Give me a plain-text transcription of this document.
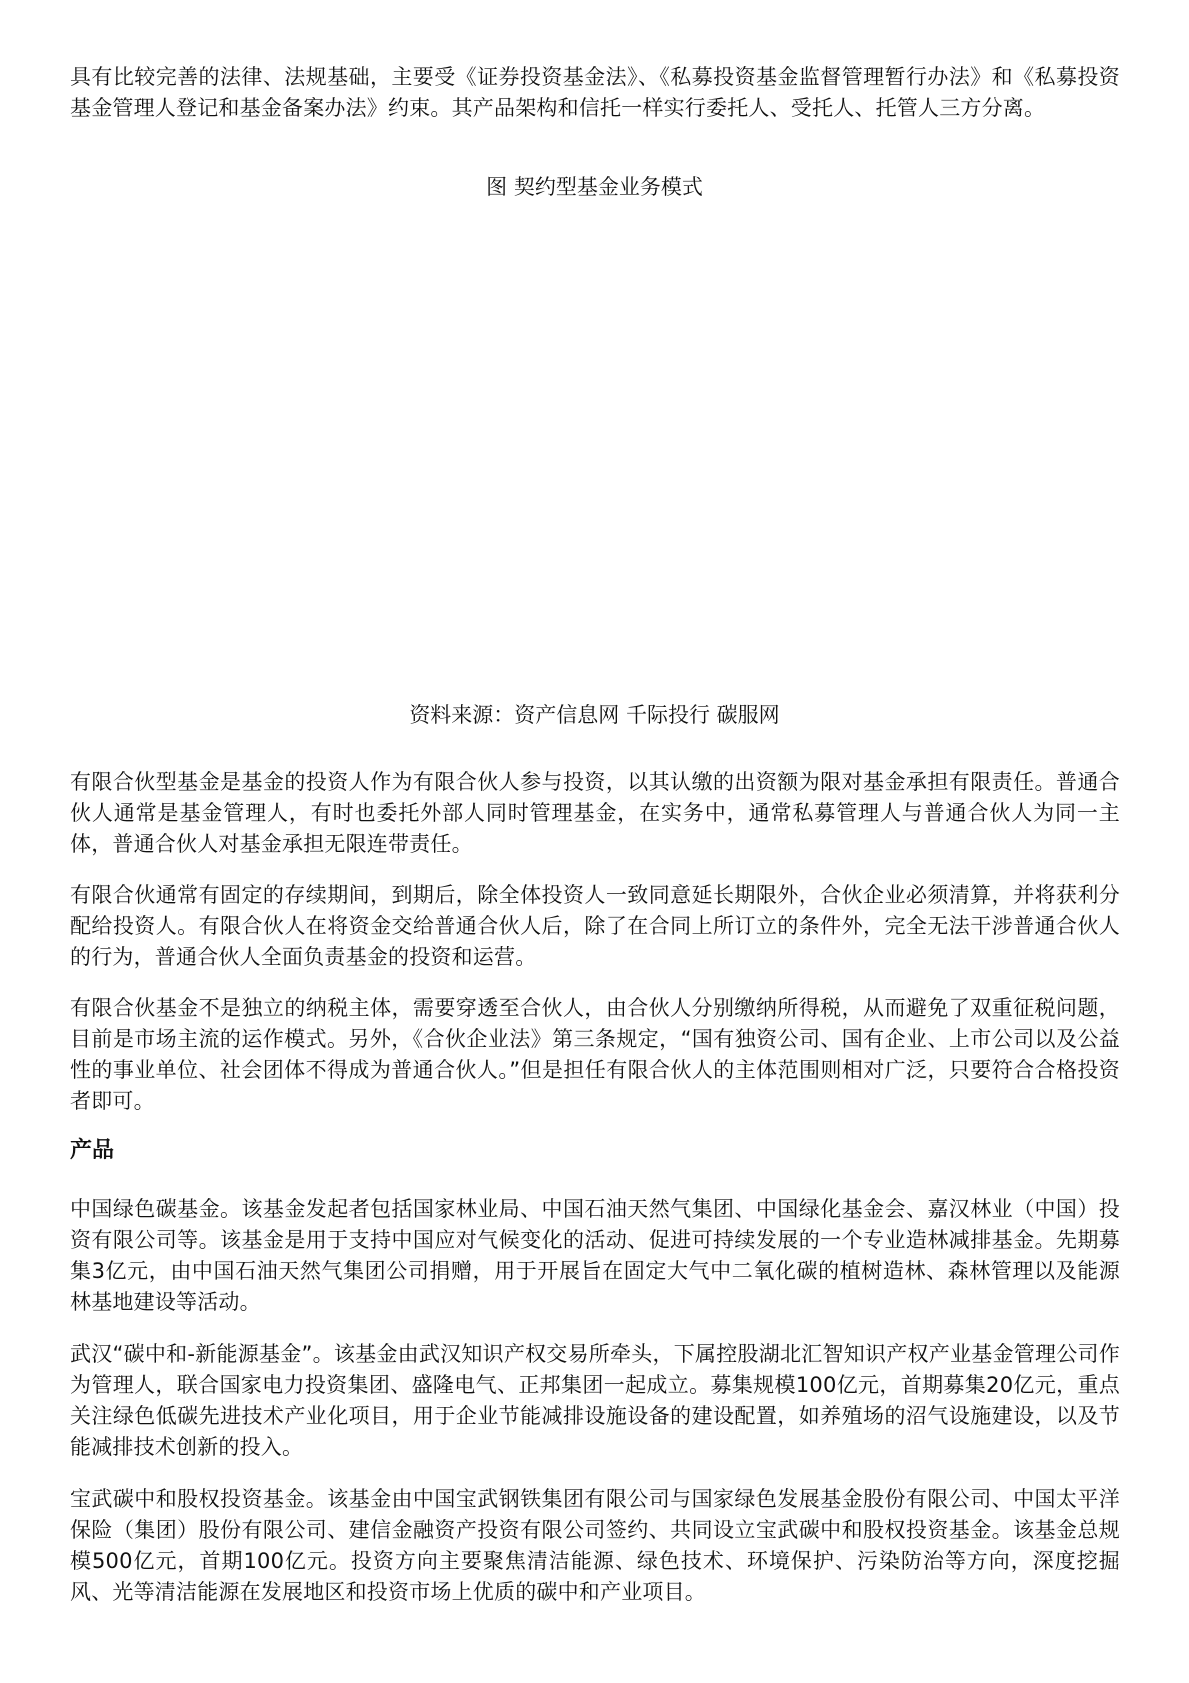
具有比较完善的法律、法规基础，主要受《证券投资基金法》、《私募投资基金监督管理暂行办法》和《私募投资基金管理人登记和基金备案办法》约束。其产品架构和信托一样实行委托人、受托人、托管人三方分离。

图 契约型基金业务模式

资料来源：资产信息网 千际投行 碳服网

有限合伙型基金是基金的投资人作为有限合伙人参与投资，以其认缴的出资额为限对基金承担有限责任。普通合伙人通常是基金管理人，有时也委托外部人同时管理基金，在实务中，通常私募管理人与普通合伙人为同一主体，普通合伙人对基金承担无限连带责任。

有限合伙通常有固定的存续期间，到期后，除全体投资人一致同意延长期限外，合伙企业必须清算，并将获利分配给投资人。有限合伙人在将资金交给普通合伙人后，除了在合同上所订立的条件外，完全无法干涉普通合伙人的行为，普通合伙人全面负责基金的投资和运营。

有限合伙基金不是独立的纳税主体，需要穿透至合伙人，由合伙人分别缴纳所得税，从而避免了双重征税问题，目前是市场主流的运作模式。另外，《合伙企业法》第三条规定，“国有独资公司、国有企业、上市公司以及公益性的事业单位、社会团体不得成为普通合伙人。”但是担任有限合伙人的主体范围则相对广泛，只要符合合格投资者即可。

产品

中国绿色碳基金。该基金发起者包括国家林业局、中国石油天然气集团、中国绿化基金会、嘉汉林业（中国）投资有限公司等。该基金是用于支持中国应对气候变化的活动、促进可持续发展的一个专业造林减排基金。先期募集3亿元，由中国石油天然气集团公司捐赠，用于开展旨在固定大气中二氧化碳的植树造林、森林管理以及能源林基地建设等活动。

武汉“碳中和-新能源基金”。该基金由武汉知识产权交易所牵头，下属控股湖北汇智知识产权产业基金管理公司作为管理人，联合国家电力投资集团、盛隆电气、正邦集团一起成立。募集规模100亿元，首期募集20亿元，重点关注绿色低碳先进技术产业化项目，用于企业节能减排设施设备的建设配置，如养殖场的沼气设施建设，以及节能减排技术创新的投入。

宝武碳中和股权投资基金。该基金由中国宝武钢铁集团有限公司与国家绿色发展基金股份有限公司、中国太平洋保险（集团）股份有限公司、建信金融资产投资有限公司签约、共同设立宝武碳中和股权投资基金。该基金总规模500亿元，首期100亿元。投资方向主要聚焦清洁能源、绿色技术、环境保护、污染防治等方向，深度挖掘风、光等清洁能源在发展地区和投资市场上优质的碳中和产业项目。
